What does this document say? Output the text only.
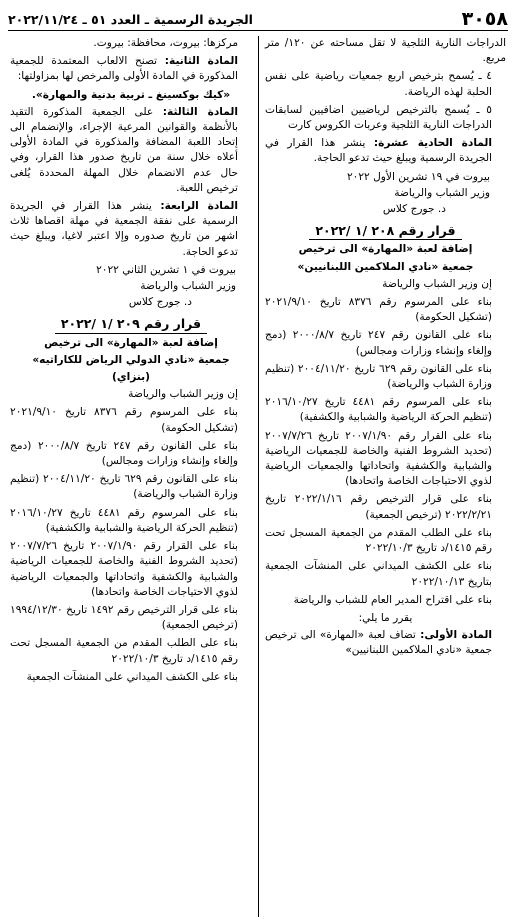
٣٠٥٨
الجريدة الرسمية ـ العدد ٥١ ـ ٢٠٢٢/١١/٢٤

الدراجات النارية الثلجية لا تقل مساحته عن ١٢٠/ متر مربع.

٤ ـ يُسمح بترخيص اربع جمعيات رياضية على نفس الحلبة لهذه الرياضة.

٥ ـ يُسمح بالترخيص لرياضيين اضافيين لسابقات الدراجات النارية الثلجية وعربات الكروس كارت

المادة الحادية عشرة: ينشر هذا القرار في الجريدة الرسمية ويبلغ حيث تدعو الحاجة.

بيروت في ١٩ تشرين الأول ٢٠٢٢

وزير الشباب والرياضة

د. جورج كلاس

قرار رقم ٢٠٨ /١ /٢٠٢٢

إضافة لعبة «المهارة» الى ترخيص

جمعية «نادي الملاكمين اللبنانيين»

إن وزير الشباب والرياضة

بناء على المرسوم رقم ٨٣٧٦ تاريخ ٢٠٢١/٩/١٠ (تشكيل الحكومة)

بناء على القانون رقم ٢٤٧ تاريخ ٢٠٠٠/٨/٧ (دمج وإلغاء وإنشاء وزارات ومجالس)

بناء على القانون رقم ٦٢٩ تاريخ ٢٠٠٤/١١/٢٠ (تنظيم وزارة الشباب والرياضة)

بناء على المرسوم رقم ٤٤٨١ تاريخ ٢٠١٦/١٠/٢٧ (تنظيم الحركة الرياضية والشبابية والكشفية)

بناء على القرار رقم ٢٠٠٧/١/٩٠ تاريخ ٢٠٠٧/٧/٢٦ (تحديد الشروط الفنية والخاصة للجمعيات الرياضية والشبابية والكشفية واتحاداتها والجمعيات الرياضية لذوي الاحتياجات الخاصة واتحادها)

بناء على قرار الترخيص رقم ٢٠٢٢/١/١٦ تاريخ ٢٠٢٢/٢/٢١ (ترخيص الجمعية)

بناء على الطلب المقدم من الجمعية المسجل تحت رقم ١٤١٥/د تاريخ ٢٠٢٢/١٠/٣

بناء على الكشف الميداني على المنشآت الجمعية بتاريخ ٢٠٢٢/١٠/١٣

بناء على اقتراح المدير العام للشباب والرياضة

يقرر ما يلي:

المادة الأولى: تضاف لعبة «المهارة» الى ترخيص جمعية «نادي الملاكمين اللبنانيين»

مركزها: بيروت، محافظة: بيروت.

المادة الثانية: تصنح الالعاب المعتمدة للجمعية المذكورة في المادة الأولى والمرخص لها بمزاولتها:

«كيك بوكسينغ ـ تربية بدنية والمهارة».

المادة الثالثة: على الجمعية المذكورة التقيد بالأنظمة والقوانين المرعية الإجراء، والإنضمام الى إتحاد اللعبة المضافة والمذكورة في المادة الأولى أعلاه خلال سنة من تاريخ صدور هذا القرار، وفي حال عدم الانضمام خلال المهلة المحددة يُلغى ترخيص اللعبة.

المادة الرابعة: ينشر هذا القرار في الجريدة الرسمية على نفقة الجمعية في مهلة اقصاها ثلاث اشهر من تاريخ صدوره وإلا اعتبر لاغيا، ويبلغ حيث تدعو الحاجة.

بيروت في ١ تشرين الثاني ٢٠٢٢

وزير الشباب والرياضة

د. جورج كلاس

قرار رقم ٢٠٩ /١ /٢٠٢٢

إضافة لعبة «المهارة» الى ترخيص

جمعية «نادي الدولي الرياض للكاراتيه»

(بنزاي)

إن وزير الشباب والرياضة

بناء على المرسوم رقم ٨٣٧٦ تاريخ ٢٠٢١/٩/١٠ (تشكيل الحكومة)

بناء على القانون رقم ٢٤٧ تاريخ ٢٠٠٠/٨/٧ (دمج وإلغاء وإنشاء وزارات ومجالس)

بناء على القانون رقم ٦٢٩ تاريخ ٢٠٠٤/١١/٢٠ (تنظيم وزارة الشباب والرياضة)

بناء على المرسوم رقم ٤٤٨١ تاريخ ٢٠١٦/١٠/٢٧ (تنظيم الحركة الرياضية والشبابية والكشفية)

بناء على القرار رقم ٢٠٠٧/١/٩٠ تاريخ ٢٠٠٧/٧/٢٦ (تحديد الشروط الفنية والخاصة للجمعيات الرياضية والشبابية والكشفية واتحاداتها والجمعيات الرياضية لذوي الاحتياجات الخاصة واتحادها)

بناء على قرار الترخيص رقم ١٤٩٢ تاريخ ١٩٩٤/١٢/٣٠ (ترخيص الجمعية)

بناء على الطلب المقدم من الجمعية المسجل تحت رقم ١٤١٥/د تاريخ ٢٠٢٢/١٠/٣

بناء على الكشف الميداني على المنشآت الجمعية
